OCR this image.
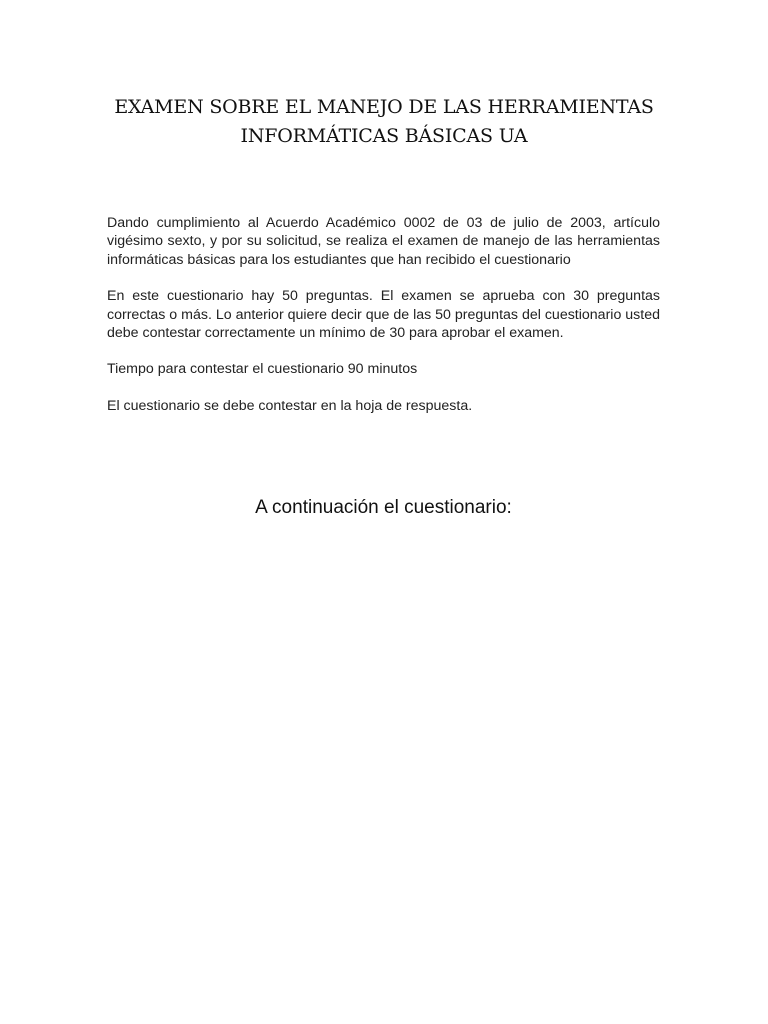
EXAMEN SOBRE EL MANEJO DE LAS HERRAMIENTAS
INFORMÁTICAS BÁSICAS UA

Dando cumplimiento al Acuerdo Académico 0002 de 03 de julio de 2003, artículo vigésimo sexto, y por su solicitud, se realiza el examen de manejo de las herramientas informáticas básicas para los estudiantes que han recibido el cuestionario

En este cuestionario hay 50 preguntas. El examen se aprueba con 30 preguntas correctas o más. Lo anterior quiere decir que de las 50 preguntas del cuestionario usted debe contestar correctamente un mínimo de 30 para aprobar el examen.

Tiempo para contestar el cuestionario 90 minutos

El cuestionario se debe contestar en la hoja de respuesta.

A continuación el cuestionario:
